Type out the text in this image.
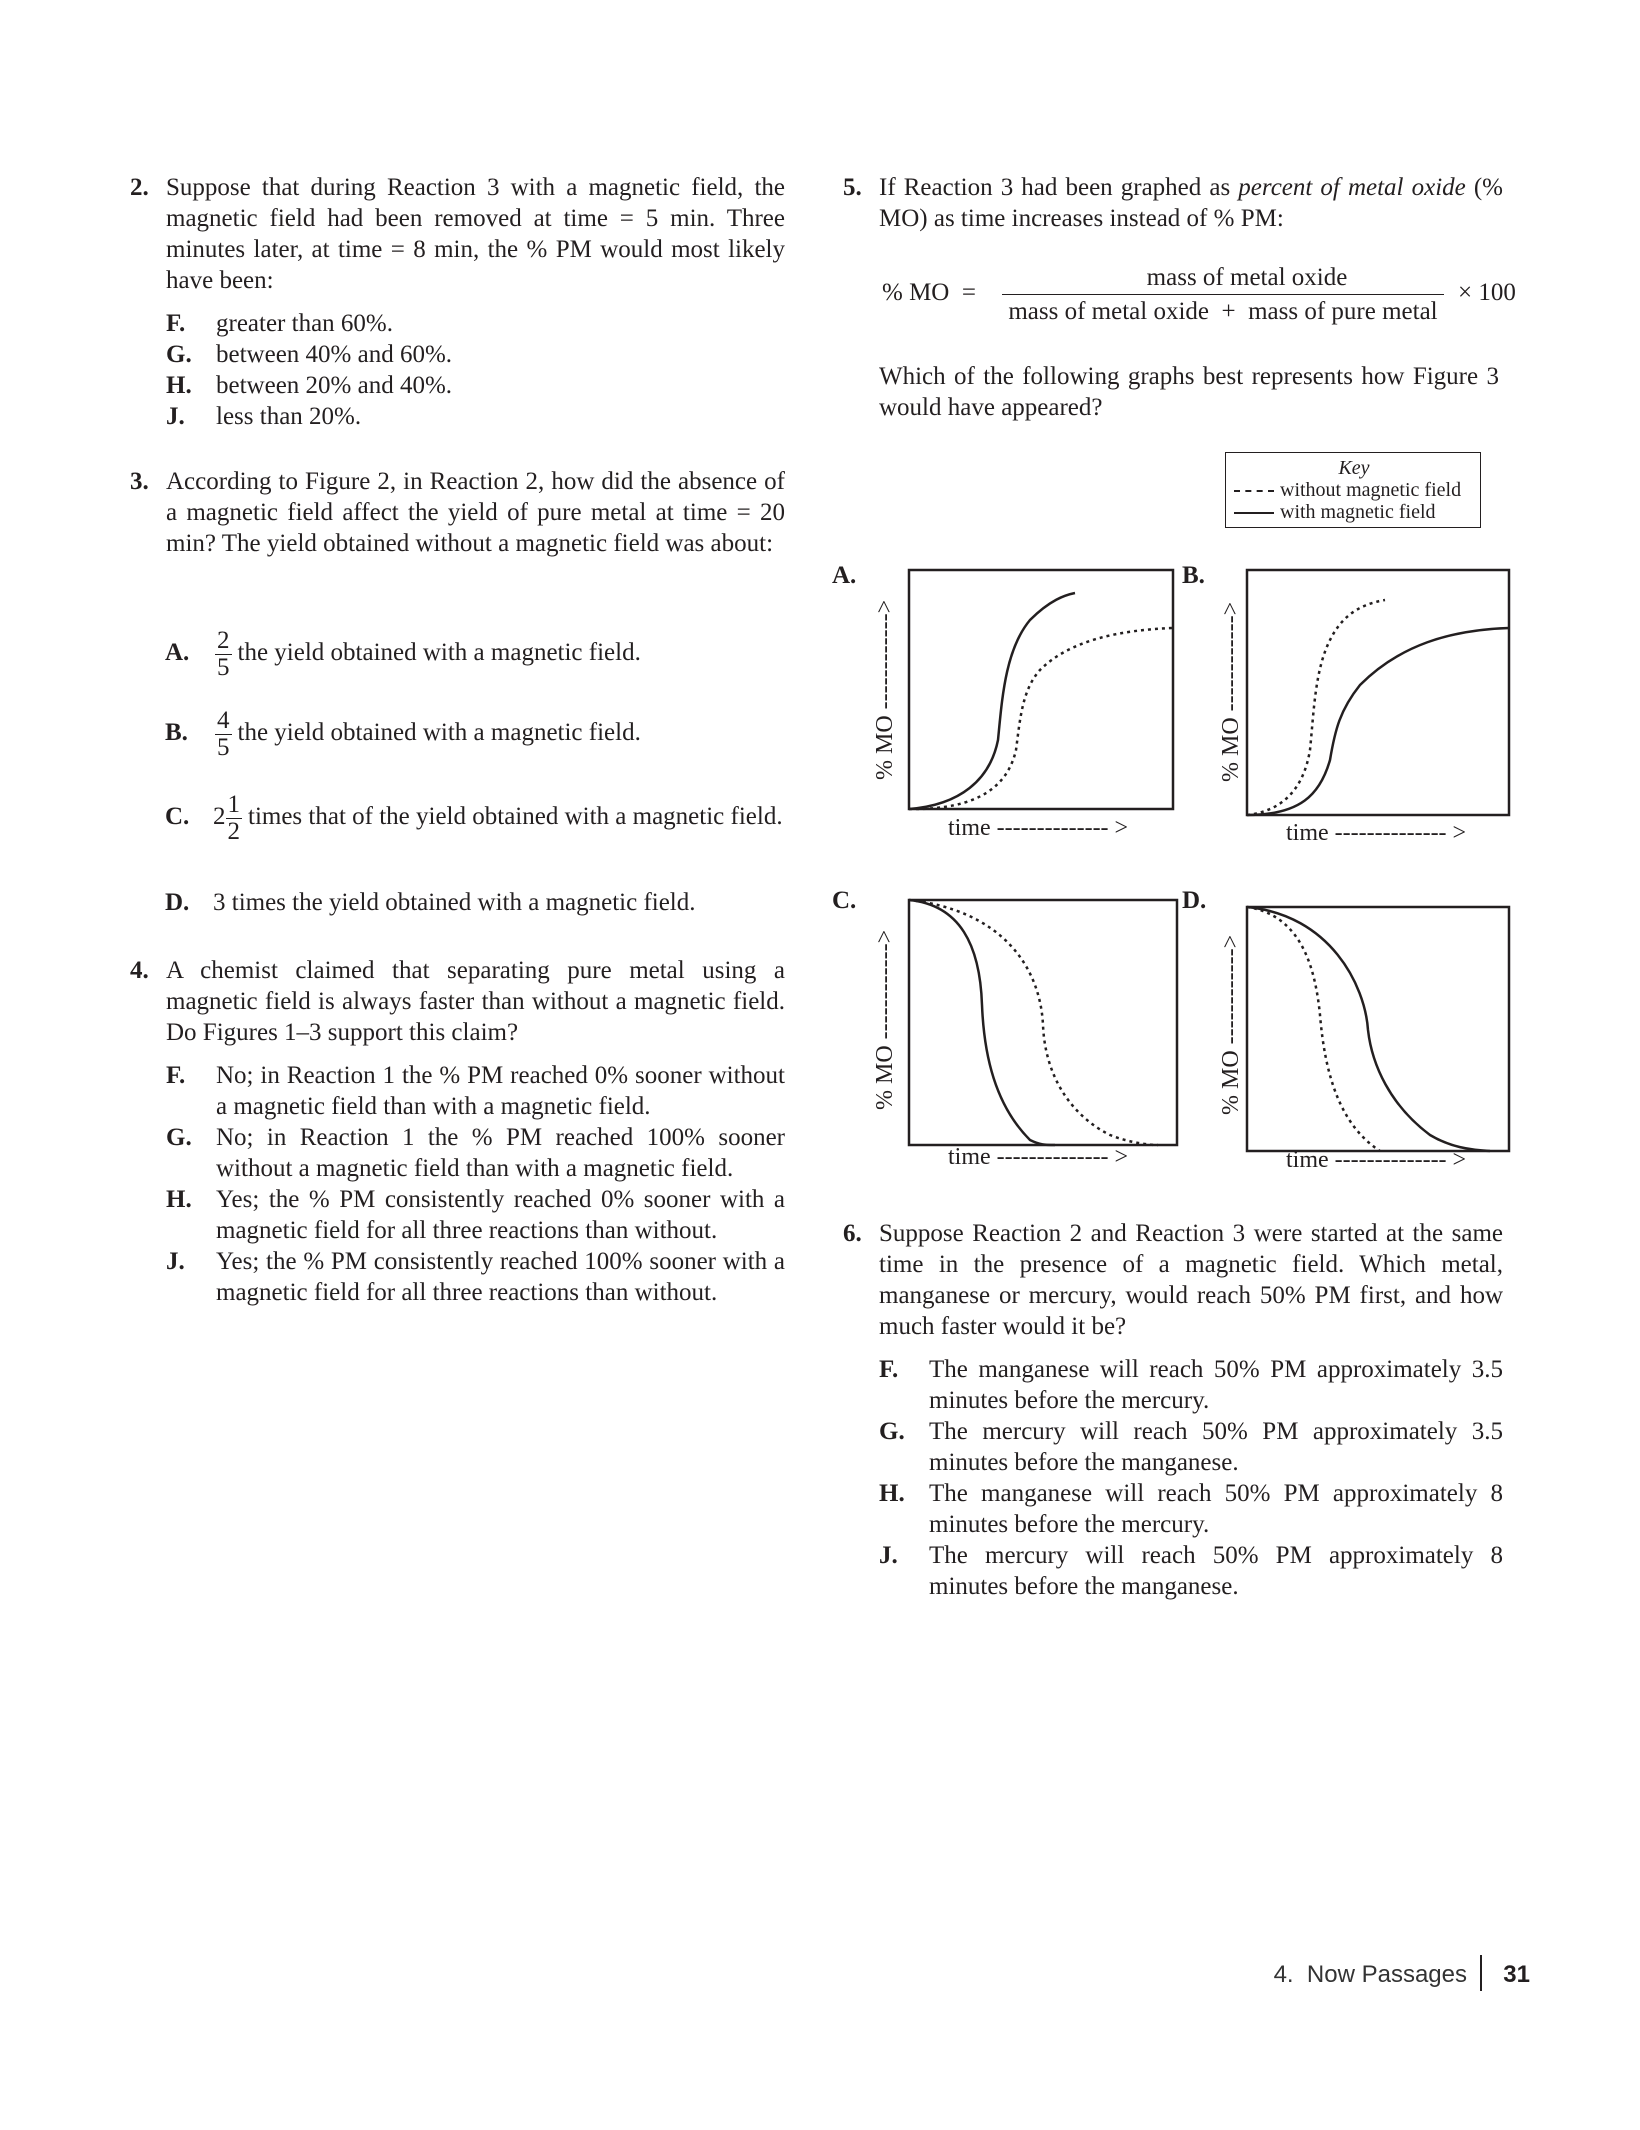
2. Suppose that during Reaction 3 with a magnetic field, the magnetic field had been removed at time = 5 min. Three minutes later, at time = 8 min, the % PM would most likely have been:
F.	greater than 60%.
G. between 40% and 60%.
H. between 20% and 40%.
J.	less than 20%.
3. According to Figure 2, in Reaction 2, how did the absence of a magnetic field affect the yield of pure metal at time = 20 min? The yield obtained without a magnetic field was about:
A. $\frac{2}{5}$ the yield obtained with a magnetic field.
B. $\frac{4}{5}$ the yield obtained with a magnetic field.
C. $2 \frac{1}{2}$ times that of the yield obtained with a magnetic field.
D. 3 times the yield obtained with a magnetic field.
4. A chemist claimed that separating pure metal using a magnetic field is always faster than without a magnetic field. Do Figures 1–3 support this claim?
F. No; in Reaction 1 the % PM reached 0% sooner without a magnetic field than with a magnetic field.
G. No; in Reaction 1 the % PM reached 100% sooner without a magnetic field than with a magnetic field.
H. Yes; the % PM consistently reached 0% sooner with a magnetic field for all three reactions than without.
J. Yes; the % PM consistently reached 100% sooner with a magnetic field for all three reactions than without.
5. If Reaction 3 had been graphed as percent of metal oxide (% MO) as time increases instead of % PM:
% MO  =
mass of metal oxide
mass of metal oxide  +  mass of pure metal
× 100
Which of the following graphs best represents how Figure 3 would have appeared?
Key
without magnetic field
with magnetic field
A.
% MO ------------>
time -------------- >
B.
% MO ------------>
time -------------- >
C.
% MO ------------>
time -------------- >
D.
% MO ------------>
time -------------- >
6. Suppose Reaction 2 and Reaction 3 were started at the same time in the presence of a magnetic field. Which metal, manganese or mercury, would reach 50% PM first, and how much faster would it be?
F. The manganese will reach 50% PM approximately 3.5 minutes before the mercury.
G. The mercury will reach 50% PM approximately 3.5 minutes before the manganese.
H. The manganese will reach 50% PM approximately 8 minutes before the mercury.
J. The mercury will reach 50% PM approximately 8 minutes before the manganese.
4.  Now Passages 31
